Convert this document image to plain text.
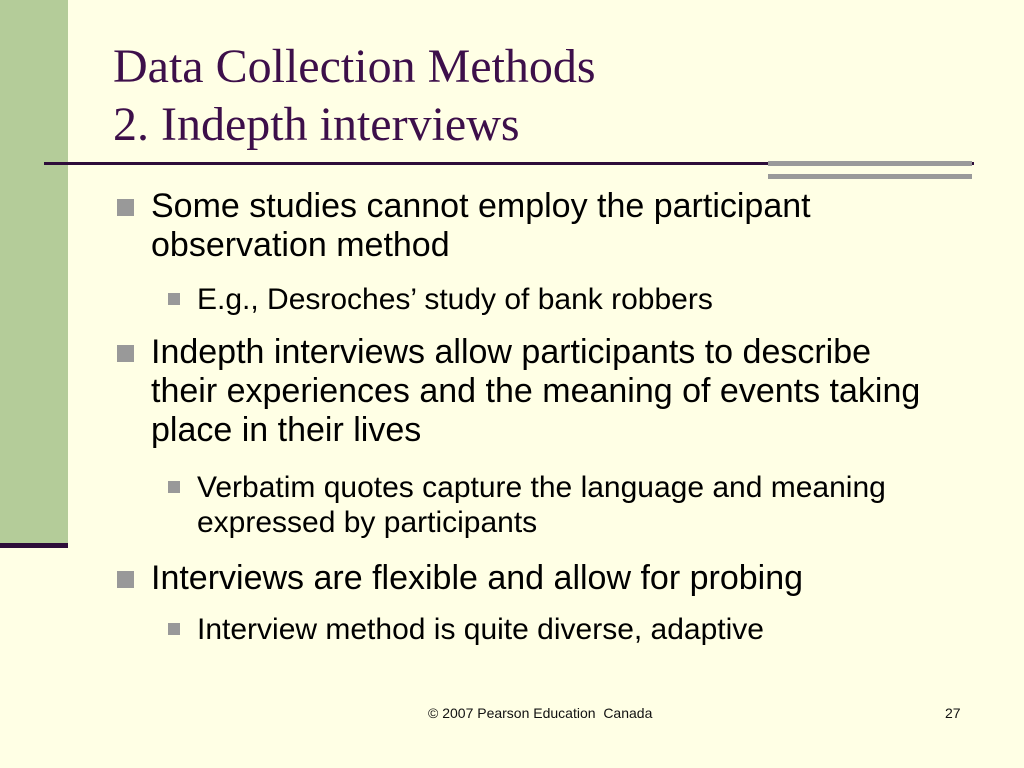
Data Collection Methods
2. Indepth interviews
Some studies cannot employ the participant observation method
E.g., Desroches’ study of bank robbers
Indepth interviews allow participants to describe their experiences and the meaning of events taking place in their lives
Verbatim quotes capture the language and meaning expressed by participants
Interviews are flexible and allow for probing
Interview method is quite diverse, adaptive
© 2007 Pearson Education  Canada	27
